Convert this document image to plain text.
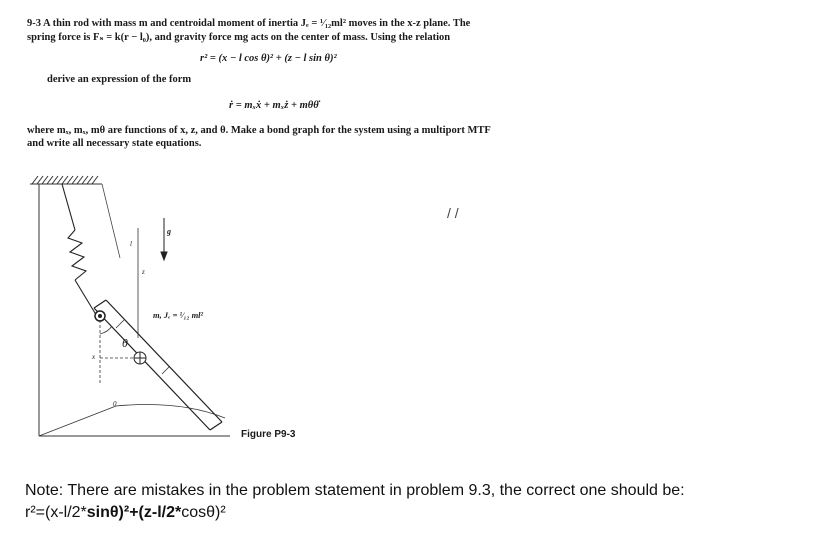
9-3 A thin rod with mass m and centroidal moment of inertia Jₑ = ¹⁄₁₂ml² moves in the x-z plane. The
spring force is Fₛ = k(r − l₀), and gravity force mg acts on the center of mass. Using the relation
r² = (x − l cos θ)² + (z − l sin θ)²
derive an expression of the form
ṙ = mₓẋ + mₓż + mθθ̇
where mₓ, mₓ, mθ are functions of x, z, and θ. Make a bond graph for the system using a multiport MTF
and write all necessary state equations.
g
l
z
m, Jₑ = ¹⁄₁₂ ml²
θ
x
0
Figure P9-3
/ /
Note: There are mistakes in the problem statement in problem 9.3, the correct one should be:
r²=(x-l/2*sinθ)²+(z-l/2*cosθ)²
